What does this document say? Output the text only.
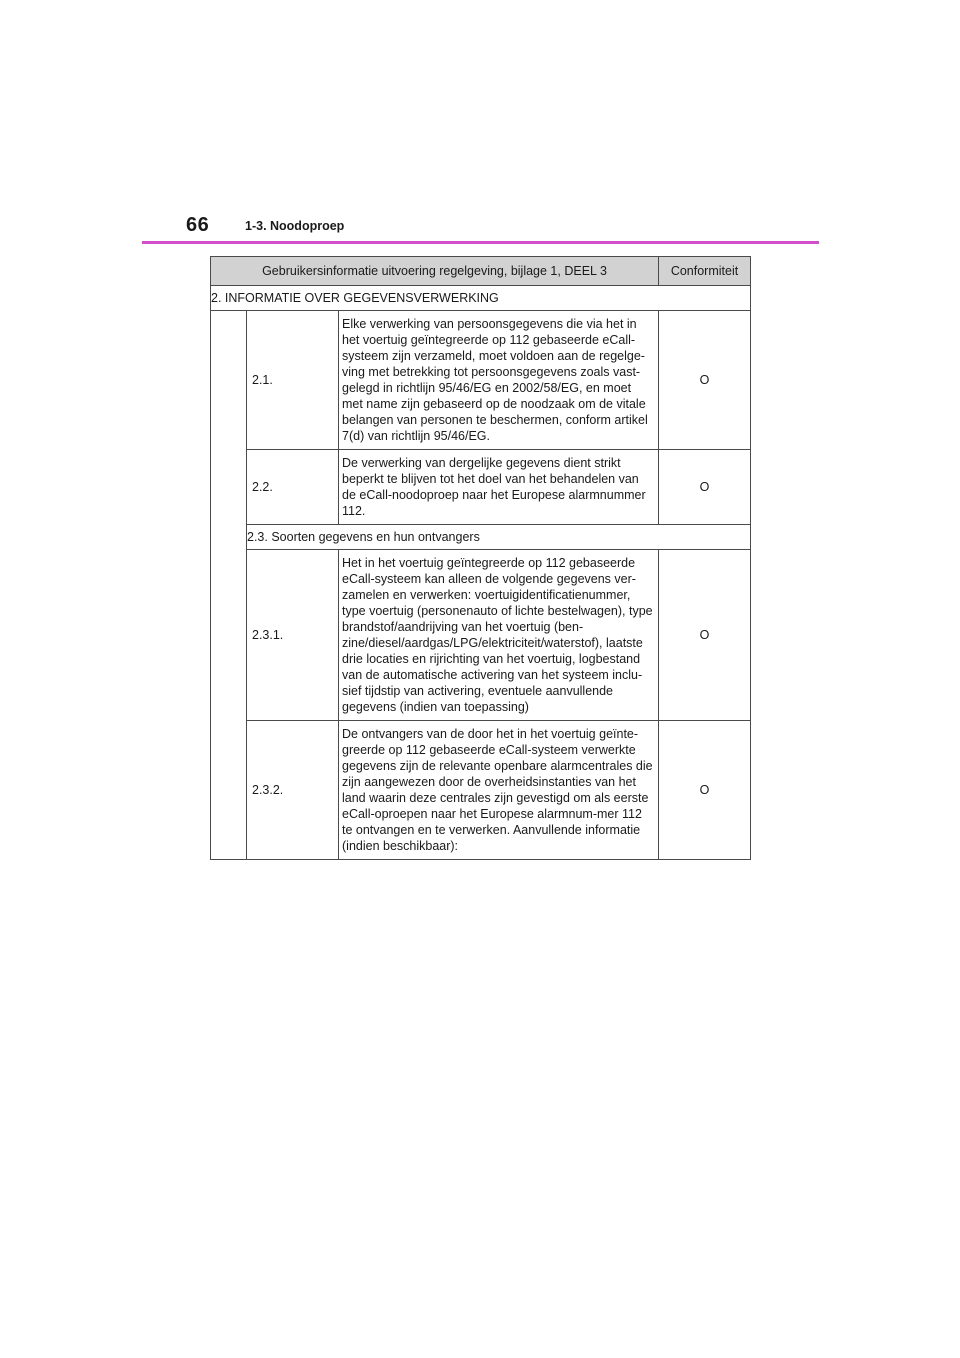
66	1-3. Noodoproep
Gebruikersinformatie uitvoering regelgeving, bijlage 1, DEEL 3			Conformiteit
2. INFORMATIE OVER GEGEVENSVERWERKING			
	2.1.	Elke verwerking van persoonsgegevens die via het in het voertuig geïntegreerde op 112 gebaseerde eCall-systeem zijn verzameld, moet voldoen aan de regelge-ving met betrekking tot persoonsgegevens zoals vast-gelegd in richtlijn 95/46/EG en 2002/58/EG, en moet met name zijn gebaseerd op de noodzaak om de vitale belangen van personen te beschermen, conform artikel 7(d) van richtlijn 95/46/EG.	O
	2.2.	De verwerking van dergelijke gegevens dient strikt beperkt te blijven tot het doel van het behandelen van de eCall-noodoproep naar het Europese alarmnummer 112.	O
	2.3. Soorten gegevens en hun ontvangers		
	2.3.1.	Het in het voertuig geïntegreerde op 112 gebaseerde eCall-systeem kan alleen de volgende gegevens ver-zamelen en verwerken: voertuigidentificatienummer, type voertuig (personenauto of lichte bestelwagen), type brandstof/aandrijving van het voertuig (ben-zine/diesel/aardgas/LPG/elektriciteit/waterstof), laatste drie locaties en rijrichting van het voertuig, logbestand van de automatische activering van het systeem inclu-sief tijdstip van activering, eventuele aanvullende gegevens (indien van toepassing)	O
	2.3.2.	De ontvangers van de door het in het voertuig geïnte-greerde op 112 gebaseerde eCall-systeem verwerkte gegevens zijn de relevante openbare alarmcentrales die zijn aangewezen door de overheidsinstanties van het land waarin deze centrales zijn gevestigd om als eerste eCall-oproepen naar het Europese alarmnum-mer 112 te ontvangen en te verwerken. Aanvullende informatie (indien beschikbaar):	O
